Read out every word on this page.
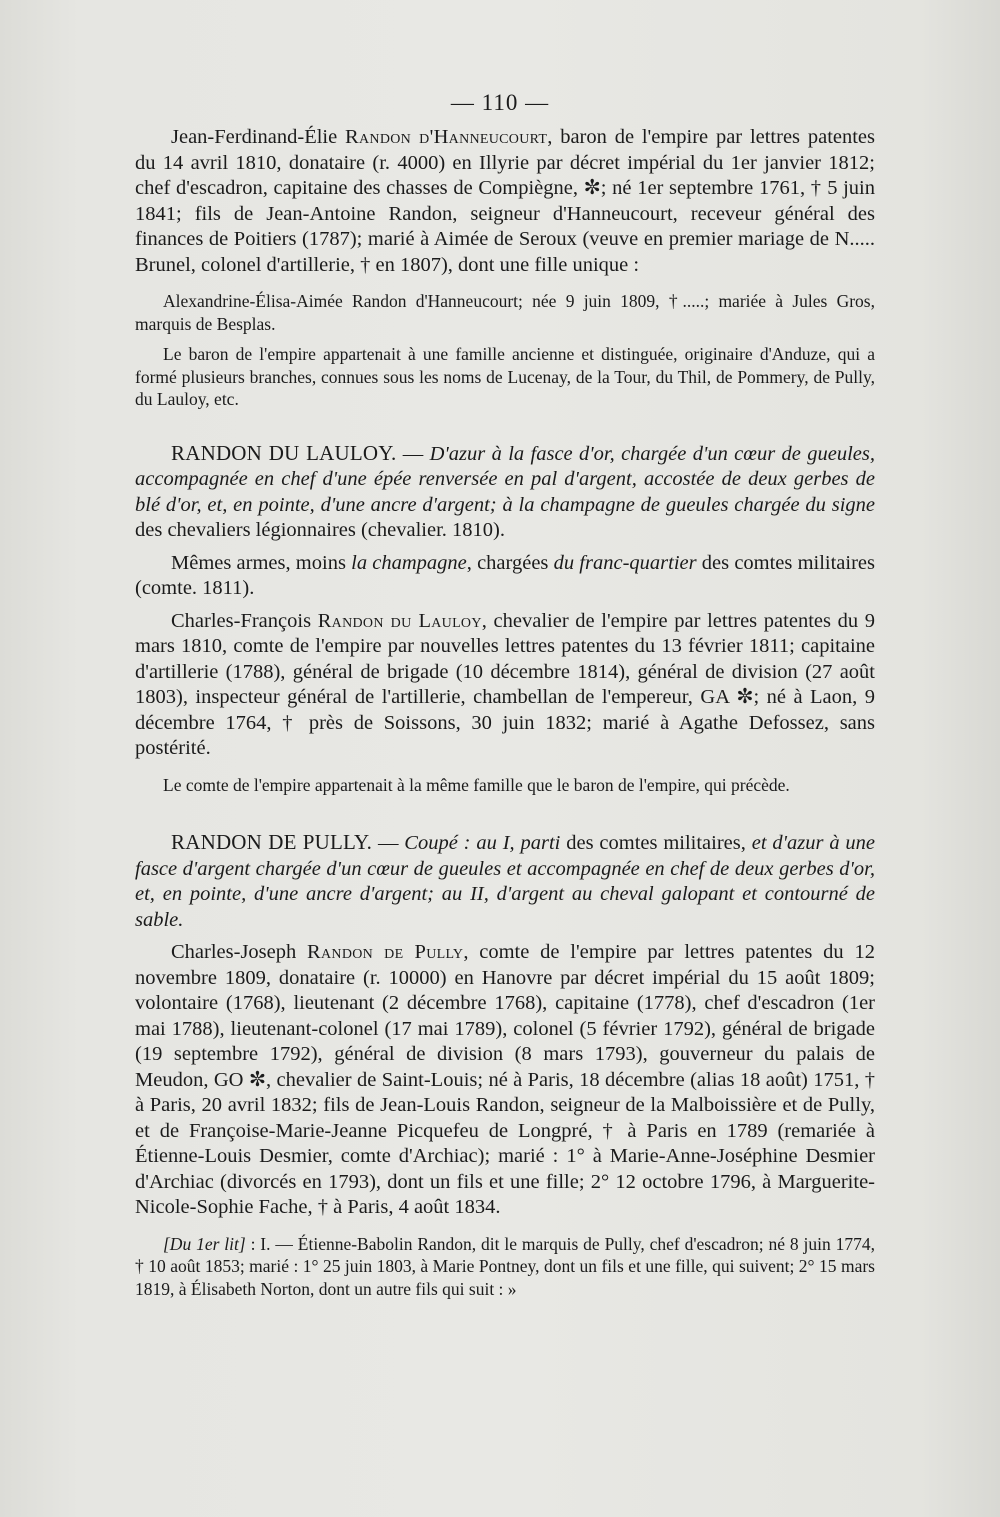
— 110 —

Jean-Ferdinand-Élie Randon d'Hanneucourt, baron de l'empire par lettres patentes du 14 avril 1810, donataire (r. 4000) en Illyrie par décret impérial du 1er janvier 1812; chef d'escadron, capitaine des chasses de Compiègne, ✼; né 1er septembre 1761, † 5 juin 1841; fils de Jean-Antoine Randon, seigneur d'Hanneucourt, receveur général des finances de Poitiers (1787); marié à Aimée de Seroux (veuve en premier mariage de N..... Brunel, colonel d'artillerie, † en 1807), dont une fille unique :

Alexandrine-Élisa-Aimée Randon d'Hanneucourt; née 9 juin 1809, †.....; mariée à Jules Gros, marquis de Besplas.

Le baron de l'empire appartenait à une famille ancienne et distinguée, originaire d'Anduze, qui a formé plusieurs branches, connues sous les noms de Lucenay, de la Tour, du Thil, de Pommery, de Pully, du Lauloy, etc.

RANDON DU LAULOY. — D'azur à la fasce d'or, chargée d'un cœur de gueules, accompagnée en chef d'une épée renversée en pal d'argent, accostée de deux gerbes de blé d'or, et, en pointe, d'une ancre d'argent; à la champagne de gueules chargée du signe des chevaliers légionnaires (chevalier. 1810).

Mêmes armes, moins la champagne, chargées du franc-quartier des comtes militaires (comte. 1811).

Charles-François Randon du Lauloy, chevalier de l'empire par lettres patentes du 9 mars 1810, comte de l'empire par nouvelles lettres patentes du 13 février 1811; capitaine d'artillerie (1788), général de brigade (10 décembre 1814), général de division (27 août 1803), inspecteur général de l'artillerie, chambellan de l'empereur, GA ✼; né à Laon, 9 décembre 1764, † près de Soissons, 30 juin 1832; marié à Agathe Defossez, sans postérité.

Le comte de l'empire appartenait à la même famille que le baron de l'empire, qui précède.

RANDON DE PULLY. — Coupé : au I, parti des comtes militaires, et d'azur à une fasce d'argent chargée d'un cœur de gueules et accompagnée en chef de deux gerbes d'or, et, en pointe, d'une ancre d'argent; au II, d'argent au cheval galopant et contourné de sable.

Charles-Joseph Randon de Pully, comte de l'empire par lettres patentes du 12 novembre 1809, donataire (r. 10000) en Hanovre par décret impérial du 15 août 1809; volontaire (1768), lieutenant (2 décembre 1768), capitaine (1778), chef d'escadron (1er mai 1788), lieutenant-colonel (17 mai 1789), colonel (5 février 1792), général de brigade (19 septembre 1792), général de division (8 mars 1793), gouverneur du palais de Meudon, GO ✼, chevalier de Saint-Louis; né à Paris, 18 décembre (alias 18 août) 1751, † à Paris, 20 avril 1832; fils de Jean-Louis Randon, seigneur de la Malboissière et de Pully, et de Françoise-Marie-Jeanne Picquefeu de Longpré, † à Paris en 1789 (remariée à Étienne-Louis Desmier, comte d'Archiac); marié : 1° à Marie-Anne-Joséphine Desmier d'Archiac (divorcés en 1793), dont un fils et une fille; 2° 12 octobre 1796, à Marguerite-Nicole-Sophie Fache, † à Paris, 4 août 1834.

[Du 1er lit] : I. — Étienne-Babolin Randon, dit le marquis de Pully, chef d'escadron; né 8 juin 1774, † 10 août 1853; marié : 1° 25 juin 1803, à Marie Pontney, dont un fils et une fille, qui suivent; 2° 15 mars 1819, à Élisabeth Norton, dont un autre fils qui suit : »
